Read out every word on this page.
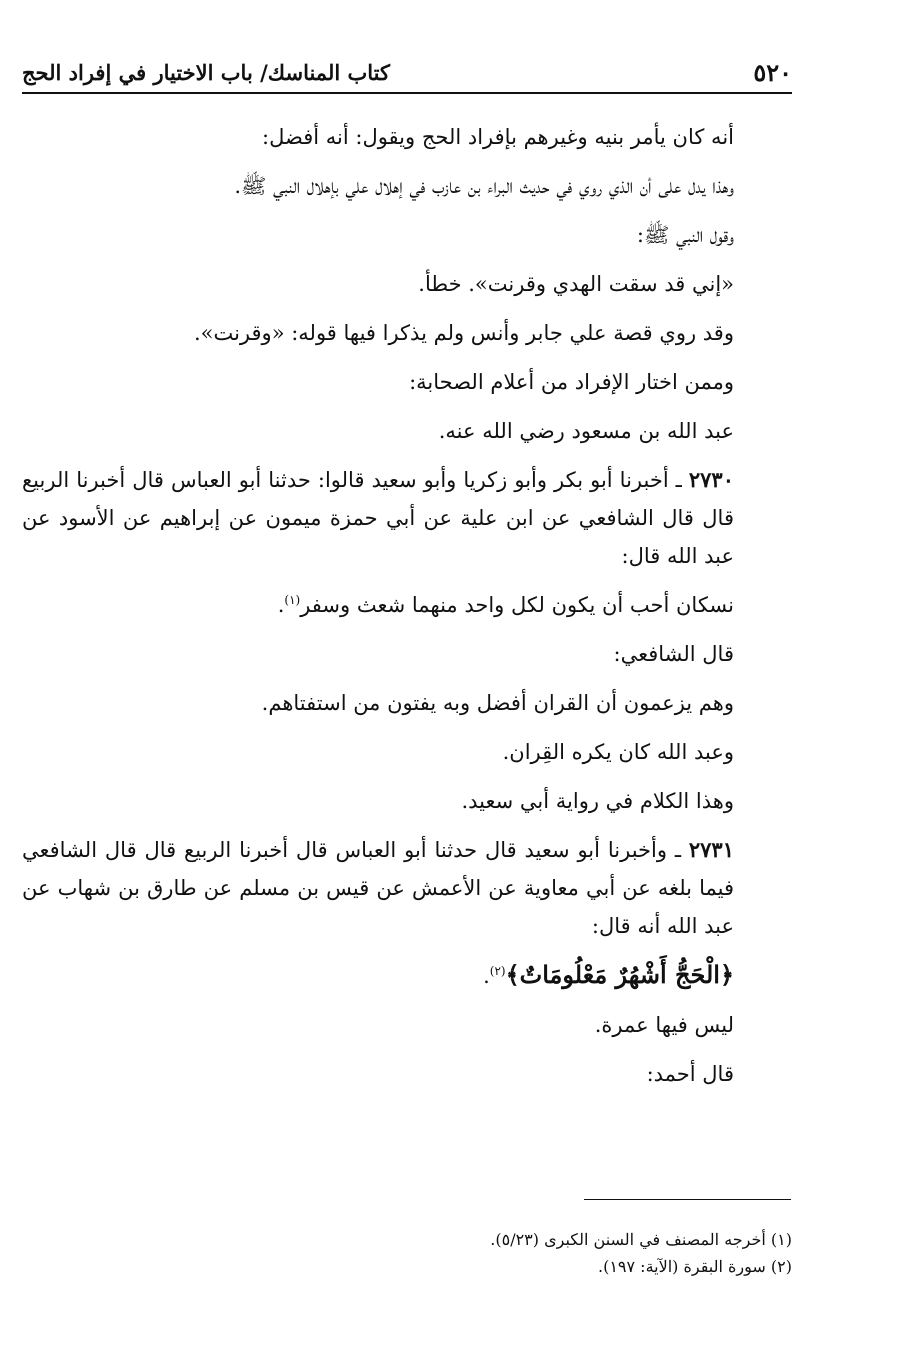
٥٢٠
كتاب المناسك/ باب الاختيار في إفراد الحج

أنه كان يأمر بنيه وغيرهم بإفراد الحج ويقول: أنه أفضل:

وهذا يدل على أن الذي روي في حديث البراء بن عازب في إهلال علي بإهلال النبي ﷺ.

وقول النبي ﷺ:

«إني قد سقت الهدي وقرنت». خطأ.

وقد روي قصة علي جابر وأنس ولم يذكرا فيها قوله: «وقرنت».

وممن اختار الإفراد من أعلام الصحابة:

عبد الله بن مسعود رضي الله عنه.

٢٧٣٠ ـ أخبرنا أبو بكر وأبو زكريا وأبو سعيد قالوا: حدثنا أبو العباس قال أخبرنا الربيع قال قال الشافعي عن ابن علية عن أبي حمزة ميمون عن إبراهيم عن الأسود عن عبد الله قال:

نسكان أحب أن يكون لكل واحد منهما شعث وسفر$^{(١)}$.

قال الشافعي:

وهم يزعمون أن القران أفضل وبه يفتون من استفتاهم.

وعبد الله كان يكره القِران.

وهذا الكلام في رواية أبي سعيد.

٢٧٣١ ـ وأخبرنا أبو سعيد قال حدثنا أبو العباس قال أخبرنا الربيع قال قال الشافعي فيما بلغه عن أبي معاوية عن الأعمش عن قيس بن مسلم عن طارق بن شهاب عن عبد الله أنه قال:

﴿الْحَجُّ أَشْهُرٌ مَعْلُومَاتٌ﴾$^{(٢)}$.

ليس فيها عمرة.

قال أحمد:

(١) أخرجه المصنف في السنن الكبرى (٥/٢٣).

(٢) سورة البقرة (الآية: ١٩٧).
